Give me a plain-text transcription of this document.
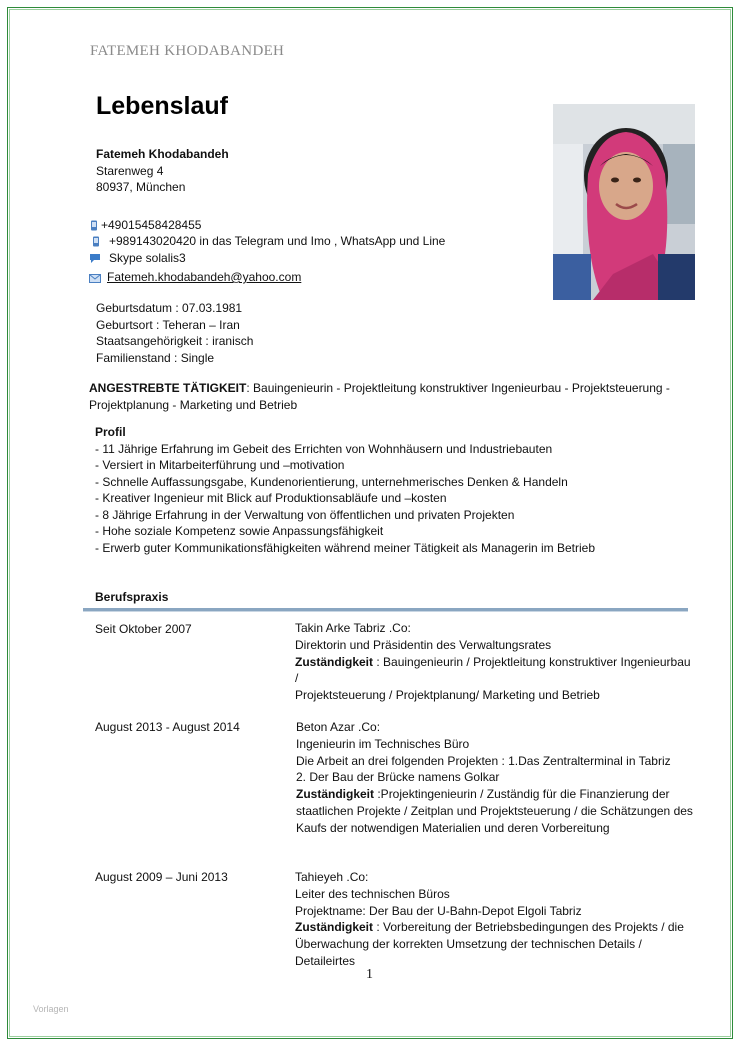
FATEMEH KHODABANDEH
Lebenslauf
Fatemeh Khodabandeh
Starenweg 4
80937, München
+49015458428455
+989143020420 in das Telegram und Imo , WhatsApp und Line
Skype solalis3
Fatemeh.khodabandeh@yahoo.com
Geburtsdatum : 07.03.1981
Geburtsort : Teheran – Iran
Staatsangehörigkeit : iranisch
Familienstand : Single
ANGESTREBTE TÄTIGKEIT: Bauingenieurin - Projektleitung konstruktiver Ingenieurbau - Projektsteuerung -
Projektplanung - Marketing und Betrieb
Profil
- 11 Jährige Erfahrung im Gebeit des Errichten von Wohnhäusern und Industriebauten
- Versiert in Mitarbeiterführung und –motivation
- Schnelle Auffassungsgabe, Kundenorientierung, unternehmerisches Denken & Handeln
- Kreativer Ingenieur mit Blick auf Produktionsabläufe und –kosten
- 8 Jährige Erfahrung in der Verwaltung von öffentlichen und privaten Projekten
- Hohe soziale Kompetenz sowie Anpassungsfähigkeit
- Erwerb guter Kommunikationsfähigkeiten während meiner Tätigkeit als Managerin im Betrieb
Berufspraxis
Seit Oktober 2007	Takin Arke Tabriz .Co:
Direktorin und Präsidentin des Verwaltungsrates
Zuständigkeit : Bauingenieurin / Projektleitung konstruktiver Ingenieurbau /
Projektsteuerung / Projektplanung/ Marketing und Betrieb
August 2013 - August 2014	Beton Azar .Co:
Ingenieurin im Technisches Büro
Die Arbeit an drei folgenden Projekten : 1.Das Zentralterminal in Tabriz
2. Der Bau der Brücke namens Golkar
Zuständigkeit :Projektingenieurin / Zuständig für die Finanzierung der
staatlichen Projekte / Zeitplan und Projektsteuerung / die Schätzungen des
Kaufs der notwendigen Materialien und deren Vorbereitung
August 2009 – Juni 2013	Tahieyeh .Co:
Leiter des technischen Büros
Projektname: Der Bau der U-Bahn-Depot Elgoli Tabriz
Zuständigkeit : Vorbereitung der Betriebsbedingungen des Projekts / die
Überwachung der korrekten Umsetzung der technischen Details / Detaileirtes
1
Vorlagen
